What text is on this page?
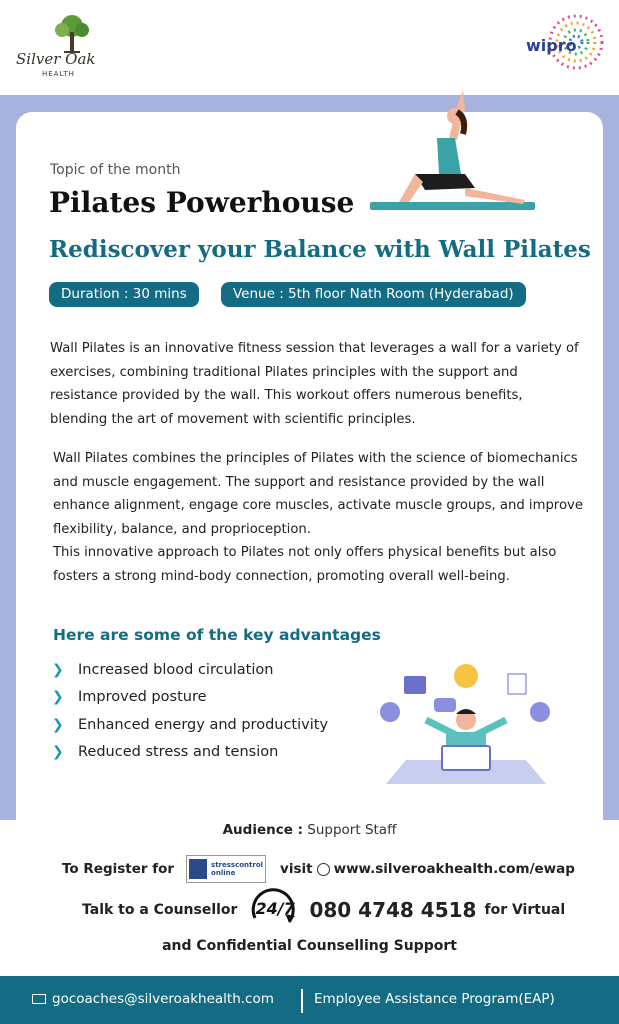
Silver Oak
HEALTH
wipro
Topic of the month
Pilates Powerhouse
Rediscover your Balance with Wall Pilates
Duration : 30 mins	Venue : 5th floor Nath Room (Hyderabad)

Wall Pilates is an innovative fitness session that leverages a wall for a variety of exercises, combining traditional Pilates principles with the support and resistance provided by the wall. This workout offers numerous benefits, blending the art of movement with scientific principles.

Wall Pilates combines the principles of Pilates with the science of biomechanics and muscle engagement. The support and resistance provided by the wall enhance alignment, engage core muscles, activate muscle groups, and improve flexibility, balance, and proprioception.
This innovative approach to Pilates not only offers physical benefits but also fosters a strong mind-body connection, promoting overall well-being.
Here are some of the key advantages
❯ Increased blood circulation
❯ Improved posture
❯ Enhanced energy and productivity
❯ Reduced stress and tension
Audience : Support Staff
To Register for	stresscontrol
online	visit www.silveroakhealth.com/ewap
Talk to a Counsellor 24/7 080 4748 4518 for Virtual
and Confidential Counselling Support
gocoaches@silveroakhealth.com	Employee Assistance Program(EAP)
